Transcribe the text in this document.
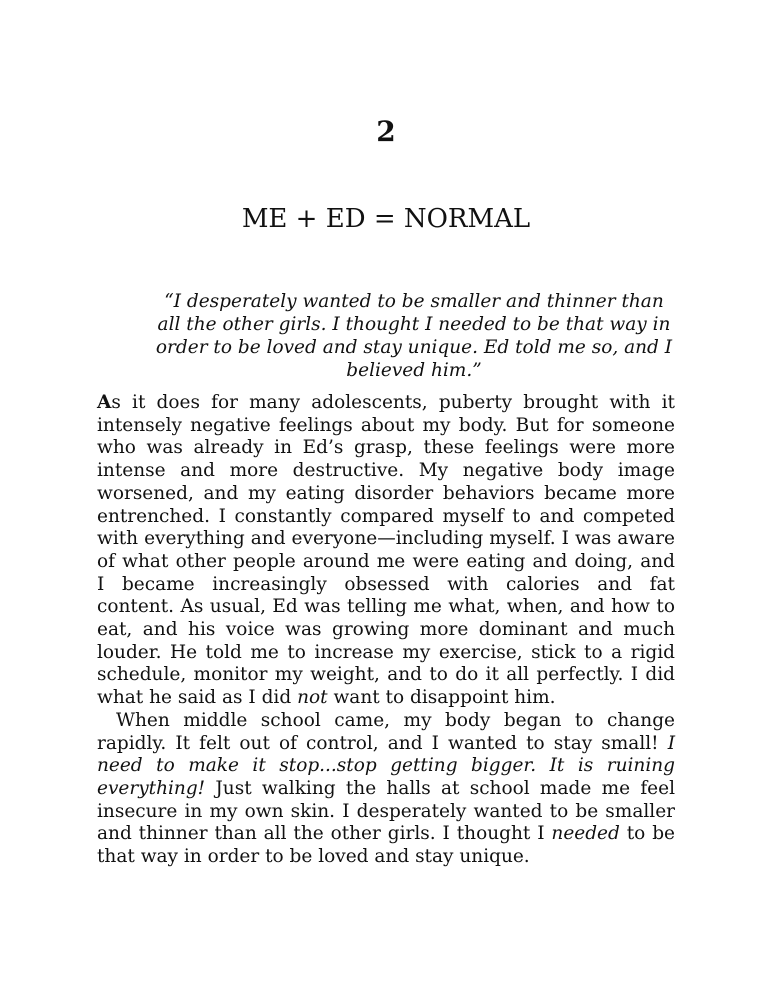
2
ME + ED = NORMAL
“I desperately wanted to be smaller and thinner than all the other girls. I thought I needed to be that way in order to be loved and stay unique. Ed told me so, and I believed him.”

As it does for many adolescents, puberty brought with it intensely negative feelings about my body. But for someone who was already in Ed’s grasp, these feelings were more intense and more destructive. My negative body image worsened, and my eating disorder behaviors became more entrenched. I constantly compared myself to and competed with everything and everyone—including myself. I was aware of what other people around me were eating and doing, and I became increasingly obsessed with calories and fat content. As usual, Ed was telling me what, when, and how to eat, and his voice was growing more dominant and much louder. He told me to increase my exercise, stick to a rigid schedule, monitor my weight, and to do it all perfectly. I did what he said as I did not want to disappoint him.

When middle school came, my body began to change rapidly. It felt out of control, and I wanted to stay small! I need to make it stop...stop getting bigger. It is ruining everything! Just walking the halls at school made me feel insecure in my own skin. I desperately wanted to be smaller and thinner than all the other girls. I thought I needed to be that way in order to be loved and stay unique.
